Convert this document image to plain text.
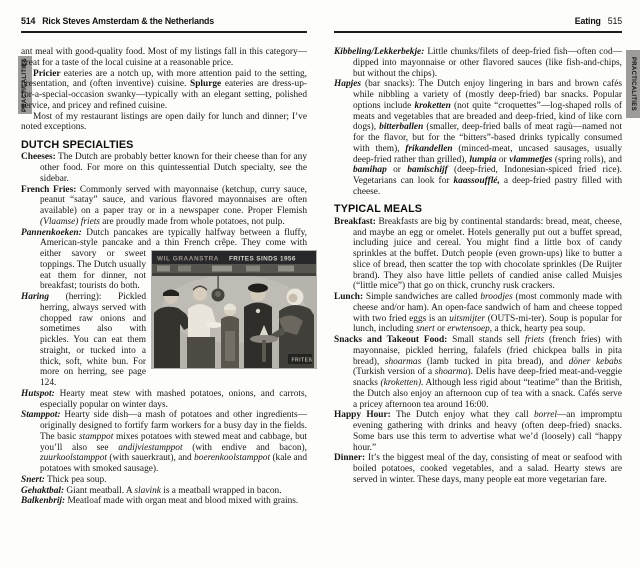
514 Rick Steves Amsterdam & the Netherlands
PRACTICALITIES

ant meal with good-quality food. Most of my listings fall in this category—great for a taste of the local cuisine at a reasonable price.

Pricier eateries are a notch up, with more attention paid to the setting, presentation, and (often inventive) cuisine. Splurge eateries are dress-up-for-a-special-occasion swanky—typically with an elegant setting, polished service, and pricey and refined cuisine.

Most of my restaurant listings are open daily for lunch and dinner; I’ve noted exceptions.

DUTCH SPECIALTIES

Cheeses: The Dutch are probably better known for their cheese than for any other food. For more on this quintessential Dutch specialty, see the sidebar.

French Fries: Commonly served with mayonnaise (ketchup, curry sauce, peanut “satay” sauce, and various flavored mayonnaises are often available) on a paper tray or in a newspaper cone. Proper Flemish (Vlaamse) friets are proudly made from whole potatoes, not pulp.

Pannenkoeken: Dutch pancakes are typically halfway between a fluffy, American-style pancake and a thin French crêpe. They
WIL GRAANSTRA FRITES SINDS 1956
FRITES
come with either savory or sweet toppings. The Dutch usually eat them for dinner, not breakfast; tourists do both.

Haring (herring): Pickled herring, always served with chopped raw onions and sometimes also with pickles. You can eat them straight, or tucked into a thick, soft, white bun. For more on herring, see page 124.

Hutspot: Hearty meat stew with mashed potatoes, onions, and carrots, especially popular on winter days.

Stamppot: Hearty side dish—a mash of potatoes and other ingredients—originally designed to fortify farm workers for a busy day in the fields. The basic stamppot mixes potatoes with stewed meat and cabbage, but you’ll also see andijviestamppot (with endive and bacon), zuurkoolstamppot (with sauerkraut), and boerenkoolstamppot (kale and potatoes with smoked sausage).

Snert: Thick pea soup.

Gehaktbal: Giant meatball. A slavink is a meatball wrapped in bacon.

Balkenbrij: Meatloaf made with organ meat and blood mixed with grains.

Eating 515
PRACTICALITIES

Kibbeling/Lekkerbekje: Little chunks/filets of deep-fried fish—often cod—dipped into mayonnaise or other flavored sauces (like fish-and-chips, but without the chips).

Hapjes (bar snacks): The Dutch enjoy lingering in bars and brown cafés while nibbling a variety of (mostly deep-fried) bar snacks. Popular options include kroketten (not quite “croquettes”—log-shaped rolls of meats and vegetables that are breaded and deep-fried, kind of like corn dogs), bitterballen (smaller, deep-fried balls of meat ragù—named not for the flavor, but for the “bitters”-based drinks typically consumed with them), frikandellen (minced-meat, uncased sausages, usually deep-fried rather than grilled), lumpia or vlammetjes (spring rolls), and bamihap or bamischijf (deep-fried, Indonesian-spiced fried rice). Vegetarians can look for kaassoufflé, a deep-fried pastry filled with cheese.

TYPICAL MEALS

Breakfast: Breakfasts are big by continental standards: bread, meat, cheese, and maybe an egg or omelet. Hotels generally put out a buffet spread, including juice and cereal. You might find a little box of candy sprinkles at the buffet. Dutch people (even grown-ups) like to butter a slice of bread, then scatter the top with chocolate sprinkles (De Ruijter brand). They also have little pellets of candied anise called Muisjes (“little mice”) that go on thick, crunchy rusk crackers.

Lunch: Simple sandwiches are called broodjes (most commonly made with cheese and/or ham). An open-face sandwich of ham and cheese topped with two fried eggs is an uitsmijter (OUTS-mi-ter). Soup is popular for lunch, including snert or erwtensoep, a thick, hearty pea soup.

Snacks and Takeout Food: Small stands sell friets (french fries) with mayonnaise, pickled herring, falafels (fried chickpea balls in pita bread), shoarmas (lamb tucked in pita bread), and döner kebabs (Turkish version of a shoarma). Delis have deep-fried meat-and-veggie snacks (kroketten). Although less rigid about “teatime” than the British, the Dutch also enjoy an afternoon cup of tea with a snack. Cafés serve a pricey afternoon tea around 16:00.

Happy Hour: The Dutch enjoy what they call borrel—an impromptu evening gathering with drinks and heavy (often deep-fried) snacks. Some bars use this term to advertise what we’d (loosely) call “happy hour.”

Dinner: It’s the biggest meal of the day, consisting of meat or seafood with boiled potatoes, cooked vegetables, and a salad. Hearty stews are served in winter. These days, many people eat more vegetarian fare.
